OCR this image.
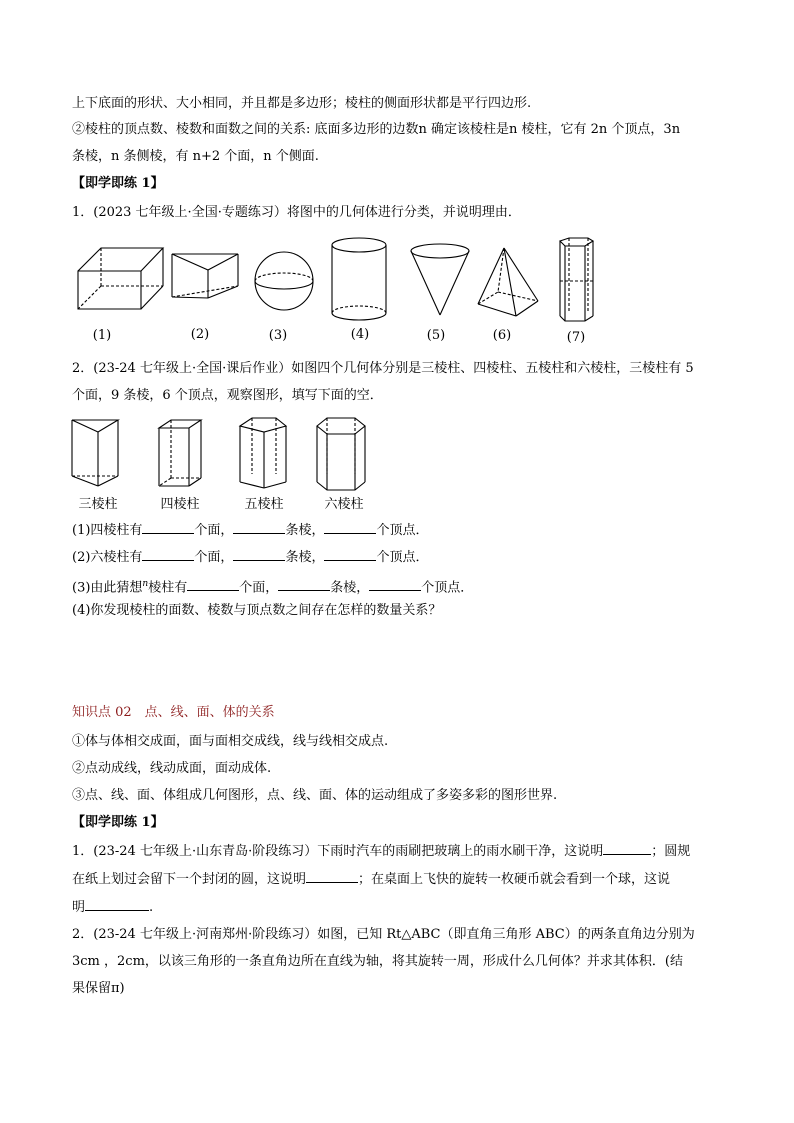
上下底面的形状、大小相同，并且都是多边形；棱柱的侧面形状都是平行四边形.
②棱柱的顶点数、棱数和面数之间的关系: 底面多边形的边数n 确定该棱柱是n 棱柱，它有 2n 个顶点，3n
条棱，n 条侧棱，有 n+2 个面，n 个侧面.
【即学即练 1】
1．(2023 七年级上·全国·专题练习）将图中的几何体进行分类，并说明理由．
(1)	(2)	(3)	(4)	(5)	(6)	(7)
2．(23-24 七年级上·全国·课后作业）如图四个几何体分别是三棱柱、四棱柱、五棱柱和六棱柱，三棱柱有 5
个面，9 条棱，6 个顶点，观察图形，填写下面的空．
三棱柱	四棱柱	五棱柱	六棱柱
(1)四棱柱有	个面，	条棱，	个顶点．
(2)六棱柱有	个面，	条棱，	个顶点．
(3)由此猜想$^n$棱柱有	个面，	条棱，	个顶点．
(4)你发现棱柱的面数、棱数与顶点数之间存在怎样的数量关系？
知识点 02　点、线、面、体的关系
①体与体相交成面，面与面相交成线，线与线相交成点.
②点动成线，线动成面，面动成体.
③点、线、面、体组成几何图形，点、线、面、体的运动组成了多姿多彩的图形世界.
【即学即练 1】
1．(23-24 七年级上·山东青岛·阶段练习）下雨时汽车的雨刷把玻璃上的雨水刷干净，这说明	；圆规
在纸上划过会留下一个封闭的圆，这说明	；在桌面上飞快的旋转一枚硬币就会看到一个球，这说
明	.
2．(23-24 七年级上·河南郑州·阶段练习）如图，已知 Rt△ABC（即直角三角形 ABC）的两条直角边分别为
3cm ，2cm，以该三角形的一条直角边所在直线为轴，将其旋转一周，形成什么几何体？并求其体积．(结
果保留π)
